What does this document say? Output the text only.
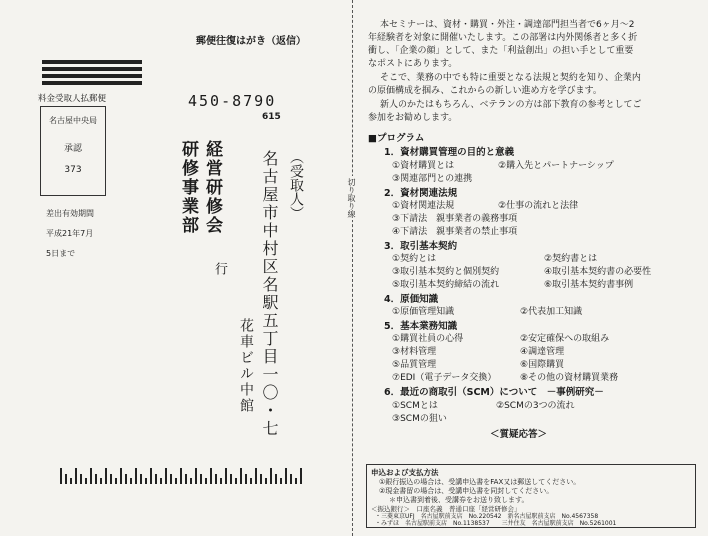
郵便往復はがき（返信）
料金受取人払郵便
名古屋中央局
承認
373
差出有効期間
平成21年7月
5日まで
450-8790
615
（受取人）
名古屋市中村区名駅五丁目一〇・七
花車ビル中館
経営研修会
研修事業部
行
切り取り線
本セミナーは、資材・購買・外注・調達部門担当者で6ヶ月～2
年経験者を対象に開催いたします。この部署は内外関係者と多く折
衝し、「企業の顔」として、また「利益創出」の担い手として重要
なポストにあります。
そこで、業務の中でも特に重要となる法規と契約を知り、企業内
の原価構成を掴み、これからの新しい進め方を学びます。
新人のかたはもちろん、ベテランの方は部下教育の参考としてご
参加をお勧めします。
■プログラム
1．資材購買管理の目的と意義
①資材購買とは	②購入先とパートナーシップ
③関連部門との連携
2．資材関連法規
①資材関連法規	②仕事の流れと法律
③下請法　親事業者の義務事項
④下請法　親事業者の禁止事項
3．取引基本契約
①契約とは	②契約書とは
③取引基本契約と個別契約	④取引基本契約書の必要性
⑤取引基本契約締結の流れ	⑥取引基本契約書事例
4．原価知識
①原価管理知識	②代表加工知識
5．基本業務知識
①購買社員の心得	②安定確保への取組み
③材料管理	④調達管理
⑤品質管理	⑥国際購買
⑦EDI（電子データ交換）	⑧その他の資材購買業務
6．最近の商取引（SCM）について　－事例研究－
①SCMとは	②SCMの3つの流れ
③SCMの狙い
＜質疑応答＞
申込および支払方法
①銀行振込の場合は、受講申込書をFAX又は郵送してください。
②現金書留の場合は、受講申込書を同封してください。
＊申込書到着後、受講券をお送り致します。
＜振込銀行＞　口座名義　普通口座「経営研修会」
・三菱東京UFJ　名古屋駅前支店　No.220542　新名古屋駅前支店　No.4567358
・みずほ　名古屋駅前支店　No.1138537　　三井住友　名古屋駅前支店　No.5261001
